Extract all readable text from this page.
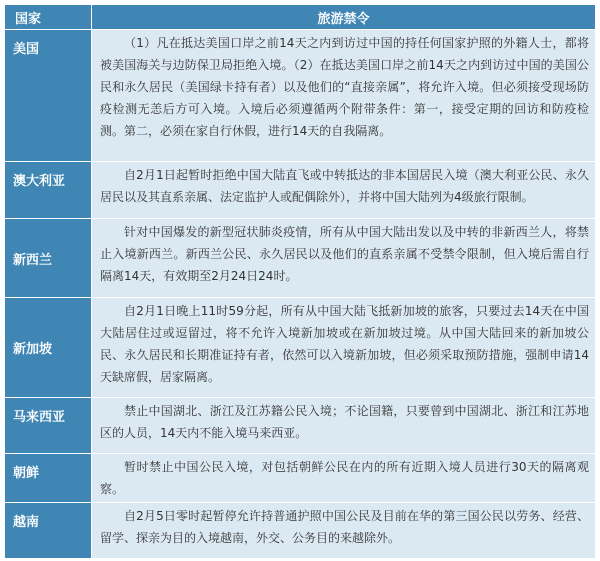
国家	旅游禁令
美国	（1）凡在抵达美国口岸之前14天之内到访过中国的持任何国家护照的外籍人士，都将被美国海关与边防保卫局拒绝入境。（2）在抵达美国口岸之前14天之内到访过中国的美国公民和永久居民（美国绿卡持有者）以及他们的“直接亲属”，将允许入境。但必须接受现场防疫检测无恙后方可入境。入境后必须遵循两个附带条件：第一，接受定期的回访和防疫检测。第二，必须在家自行休假，进行14天的自我隔离。

澳大利亚	自2月1日起暂时拒绝中国大陆直飞或中转抵达的非本国居民入境（澳大利亚公民、永久居民以及其直系亲属、法定监护人或配偶除外），并将中国大陆列为4级旅行限制。

新西兰	针对中国爆发的新型冠状肺炎疫情，所有从中国大陆出发以及中转的非新西兰人，将禁止入境新西兰。新西兰公民、永久居民以及他们的直系亲属不受禁令限制，但入境后需自行隔离14天，有效期至2月24日24时。

新加坡	自2月1日晚上11时59分起，所有从中国大陆飞抵新加坡的旅客，只要过去14天在中国大陆居住过或逗留过，将不允许入境新加坡或在新加坡过境。从中国大陆回来的新加坡公民、永久居民和长期准证持有者，依然可以入境新加坡，但必须采取预防措施，强制申请14天缺席假，居家隔离。

马来西亚	禁止中国湖北、浙江及江苏籍公民入境；不论国籍，只要曾到中国湖北、浙江和江苏地区的人员，14天内不能入境马来西亚。

朝鲜	暂时禁止中国公民入境，对包括朝鲜公民在内的所有近期入境人员进行30天的隔离观察。

越南	自2月5日零时起暂停允许持普通护照中国公民及目前在华的第三国公民以劳务、经营、留学、探亲为目的入境越南，外交、公务目的来越除外。
